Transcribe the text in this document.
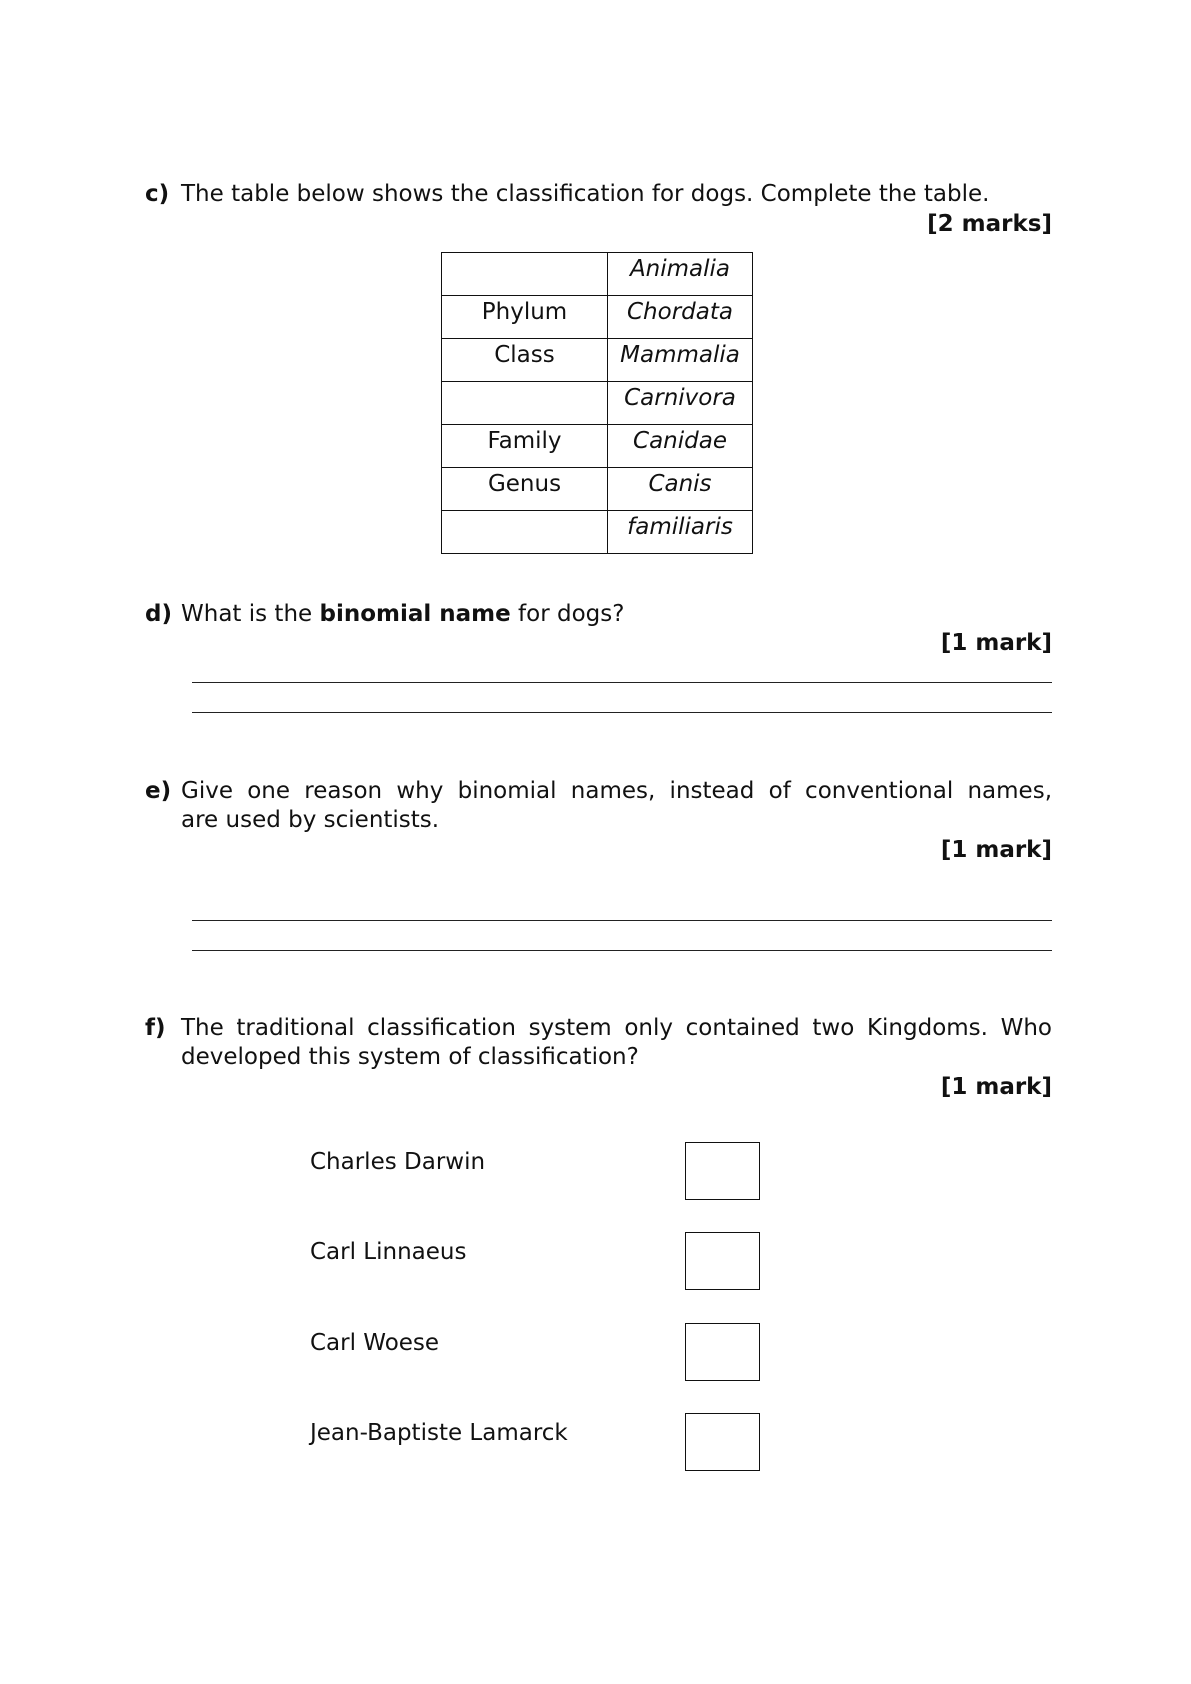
c) The table below shows the classification for dogs. Complete the table.
[2 marks]
	Animalia
Phylum	Chordata
Class	Mammalia
	Carnivora
Family	Canidae
Genus	Canis
	familiaris
d) What is the binomial name for dogs?
[1 mark]
e) Give one reason why binomial names, instead of conventional names,
are used by scientists.
[1 mark]
f) The traditional classification system only contained two Kingdoms. Who
developed this system of classification?
[1 mark]
Charles Darwin
Carl Linnaeus
Carl Woese
Jean-Baptiste Lamarck
